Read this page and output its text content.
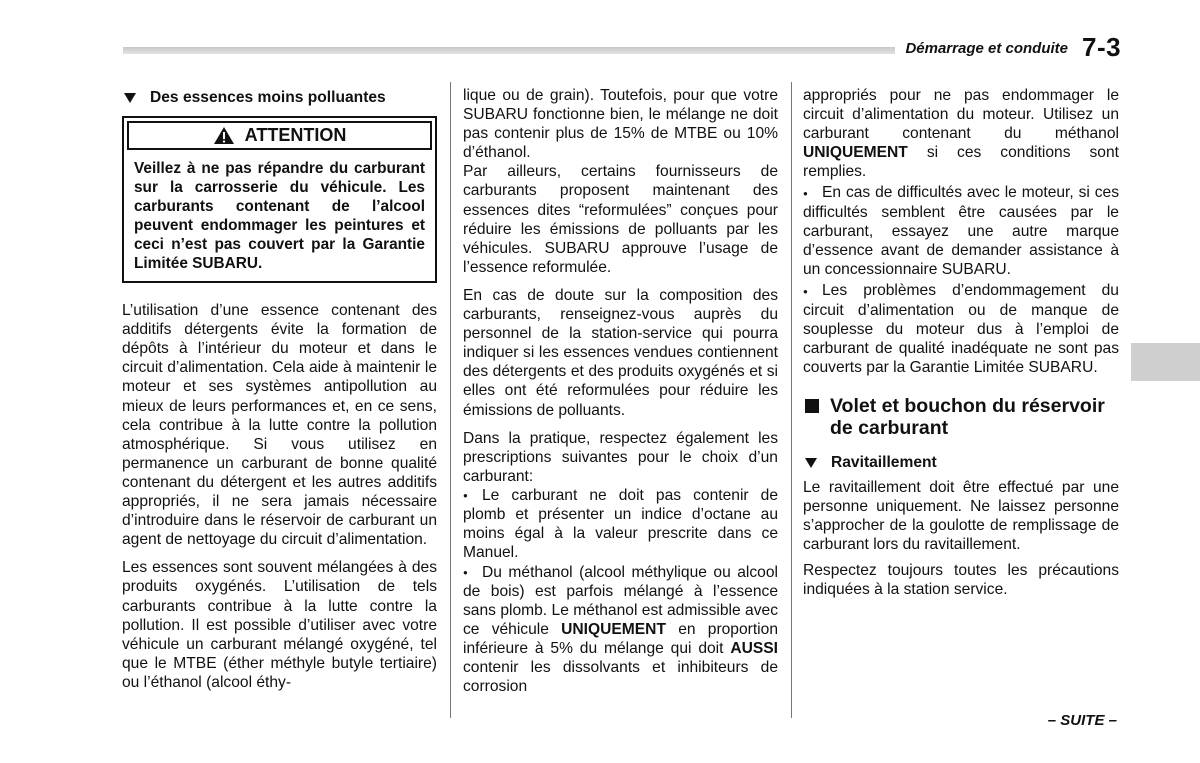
Démarrage et conduite 7-3
Des essences moins polluantes
ATTENTION
Veillez à ne pas répandre du carburant sur la carrosserie du véhicule. Les carburants contenant de l’alcool peuvent endommager les peintures et ceci n’est pas couvert par la Garantie Limitée SUBARU.

L’utilisation d’une essence contenant des additifs détergents évite la formation de dépôts à l’intérieur du moteur et dans le circuit d’alimentation. Cela aide à maintenir le moteur et ses systèmes antipollution au mieux de leurs performances et, en ce sens, cela contribue à la lutte contre la pollution atmosphérique. Si vous utilisez en permanence un carburant de bonne qualité contenant du détergent et les autres additifs appropriés, il ne sera jamais nécessaire d’introduire dans le réservoir de carburant un agent de nettoyage du circuit d’alimentation.

Les essences sont souvent mélangées à des produits oxygénés. L’utilisation de tels carburants contribue à la lutte contre la pollution. Il est possible d’utiliser avec votre véhicule un carburant mélangé oxygéné, tel que le MTBE (éther méthyle butyle tertiaire) ou l’éthanol (alcool éthy-

lique ou de grain). Toutefois, pour que votre SUBARU fonctionne bien, le mélange ne doit pas contenir plus de 15% de MTBE ou 10% d’éthanol.

Par ailleurs, certains fournisseurs de carburants proposent maintenant des essences dites “reformulées” conçues pour réduire les émissions de polluants par les véhicules. SUBARU approuve l’usage de l’essence reformulée.

En cas de doute sur la composition des carburants, renseignez-vous auprès du personnel de la station-service qui pourra indiquer si les essences vendues contiennent des détergents et des produits oxygénés et si elles ont été reformulées pour réduire les émissions de polluants.

Dans la pratique, respectez également les prescriptions suivantes pour le choix d’un carburant:

● Le carburant ne doit pas contenir de plomb et présenter un indice d’octane au moins égal à la valeur prescrite dans ce Manuel.

● Du méthanol (alcool méthylique ou alcool de bois) est parfois mélangé à l’essence sans plomb. Le méthanol est admissible avec ce véhicule UNIQUEMENT en proportion inférieure à 5% du mélange qui doit AUSSI contenir les dissolvants et inhibiteurs de corrosion

appropriés pour ne pas endommager le circuit d’alimentation du moteur. Utilisez un carburant contenant du méthanol UNIQUEMENT si ces conditions sont remplies.

● En cas de difficultés avec le moteur, si ces difficultés semblent être causées par le carburant, essayez une autre marque d’essence avant de demander assistance à un concessionnaire SUBARU.

● Les problèmes d’endommagement du circuit d’alimentation ou de manque de souplesse du moteur dus à l’emploi de carburant de qualité inadéquate ne sont pas couverts par la Garantie Limitée SUBARU.

Volet et bouchon du réservoir de carburant
Ravitaillement

Le ravitaillement doit être effectué par une personne uniquement. Ne laissez personne s’approcher de la goulotte de remplissage de carburant lors du ravitaillement.

Respectez toujours toutes les précautions indiquées à la station service.

– SUITE –
